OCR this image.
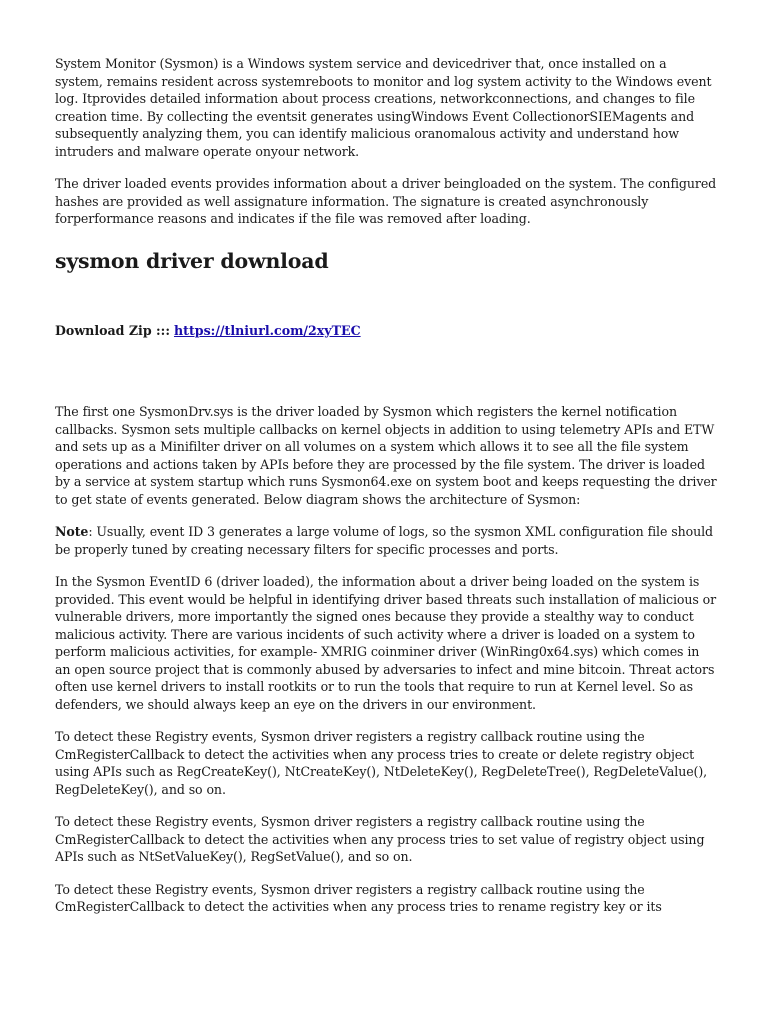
System Monitor (Sysmon) is a Windows system service and devicedriver that, once installed on a system, remains resident across systemreboots to monitor and log system activity to the Windows event log. Itprovides detailed information about process creations, networkconnections, and changes to file creation time. By collecting the eventsit generates usingWindows Event CollectionorSIEMagents and subsequently analyzing them, you can identify malicious oranomalous activity and understand how intruders and malware operate onyour network.

The driver loaded events provides information about a driver beingloaded on the system. The configured hashes are provided as well assignature information. The signature is created asynchronously forperformance reasons and indicates if the file was removed after loading.

sysmon driver download
Download Zip ::: https://tlniurl.com/2xyTEC

The first one SysmonDrv.sys is the driver loaded by Sysmon which registers the kernel notification callbacks. Sysmon sets multiple callbacks on kernel objects in addition to using telemetry APIs and ETW and sets up as a Minifilter driver on all volumes on a system which allows it to see all the file system operations and actions taken by APIs before they are processed by the file system. The driver is loaded by a service at system startup which runs Sysmon64.exe on system boot and keeps requesting the driver to get state of events generated. Below diagram shows the architecture of Sysmon:

Note: Usually, event ID 3 generates a large volume of logs, so the sysmon XML configuration file should be properly tuned by creating necessary filters for specific processes and ports.

In the Sysmon EventID 6 (driver loaded), the information about a driver being loaded on the system is provided. This event would be helpful in identifying driver based threats such installation of malicious or vulnerable drivers, more importantly the signed ones because they provide a stealthy way to conduct malicious activity. There are various incidents of such activity where a driver is loaded on a system to perform malicious activities, for example- XMRIG coinminer driver (WinRing0x64.sys) which comes in an open source project that is commonly abused by adversaries to infect and mine bitcoin. Threat actors often use kernel drivers to install rootkits or to run the tools that require to run at Kernel level. So as defenders, we should always keep an eye on the drivers in our environment.

To detect these Registry events, Sysmon driver registers a registry callback routine using the CmRegisterCallback to detect the activities when any process tries to create or delete registry object using APIs such as RegCreateKey(), NtCreateKey(), NtDeleteKey(), RegDeleteTree(), RegDeleteValue(), RegDeleteKey(), and so on.

To detect these Registry events, Sysmon driver registers a registry callback routine using the CmRegisterCallback to detect the activities when any process tries to set value of registry object using APIs such as NtSetValueKey(), RegSetValue(), and so on.

To detect these Registry events, Sysmon driver registers a registry callback routine using the CmRegisterCallback to detect the activities when any process tries to rename registry key or its
